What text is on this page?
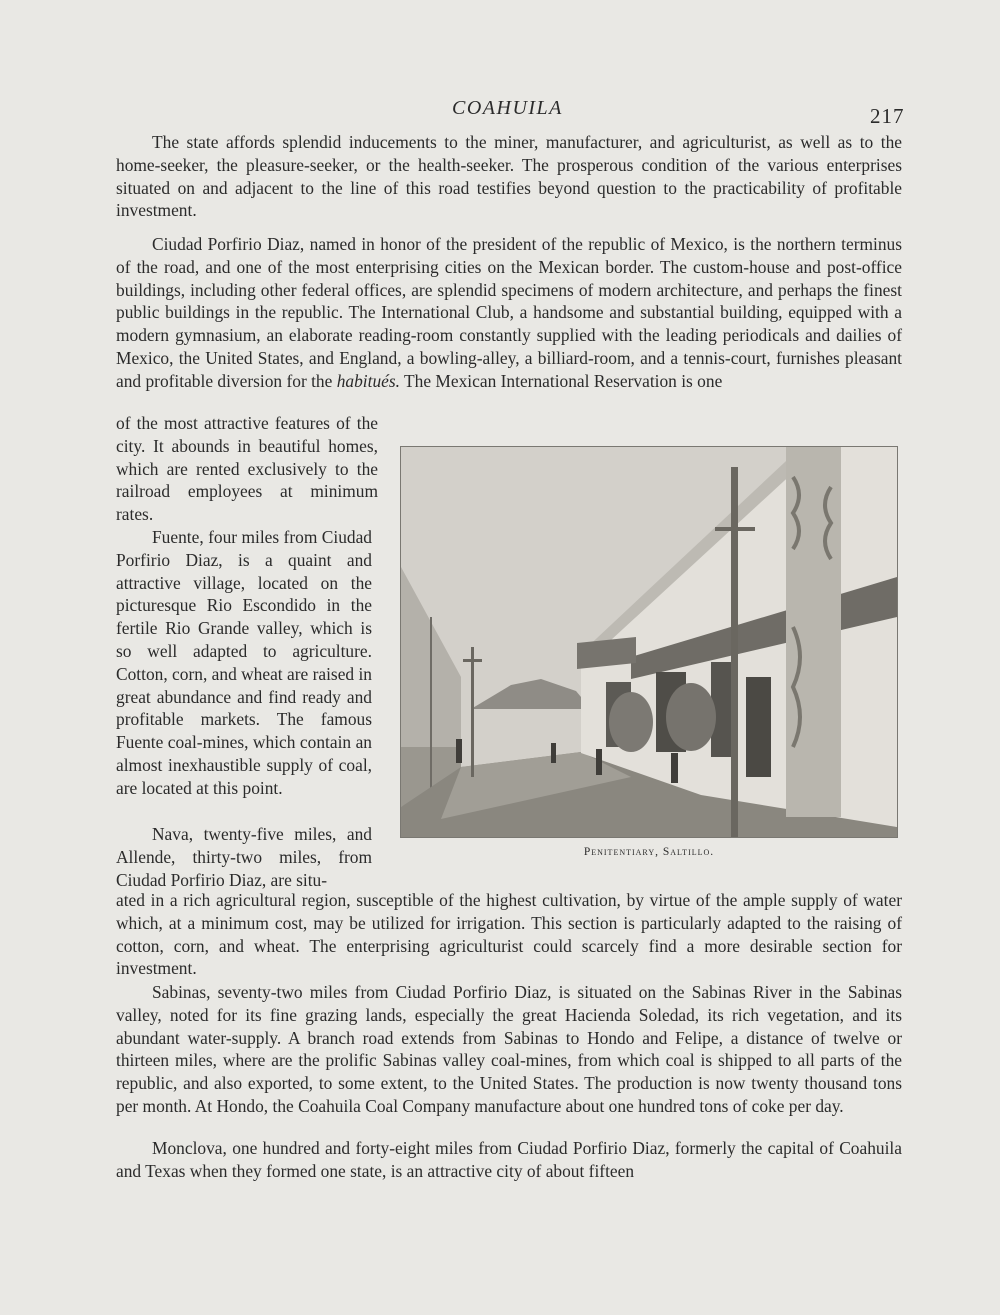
COAHUILA	217

The state affords splendid inducements to the miner, manufacturer, and agriculturist, as well as to the home-seeker, the pleasure-seeker, or the health-seeker. The prosperous condition of the various enterprises situated on and adjacent to the line of this road testifies beyond question to the practicability of profitable investment.

Ciudad Porfirio Diaz, named in honor of the president of the republic of Mexico, is the northern terminus of the road, and one of the most enterprising cities on the Mexican border. The custom-house and post-office buildings, including other federal offices, are splendid specimens of modern architecture, and perhaps the finest public buildings in the republic. The International Club, a handsome and substantial building, equipped with a modern gymnasium, an elaborate reading-room constantly supplied with the leading periodicals and dailies of Mexico, the United States, and England, a bowling-alley, a billiard-room, and a tennis-court, furnishes pleasant and profitable diversion for the habitués. The Mexican International Reservation is one

of the most attractive features of the city. It abounds in beautiful homes, which are rented exclusively to the railroad employees at minimum rates.

Fuente, four miles from Ciudad Porfirio Diaz, is a quaint and attractive village, located on the picturesque Rio Escondido in the fertile Rio Grande valley, which is so well adapted to agriculture. Cotton, corn, and wheat are raised in great abundance and find ready and profitable markets. The famous Fuente coal-mines, which contain an almost inexhaustible supply of coal, are located at this point.

Nava, twenty-five miles, and Allende, thirty-two miles, from Ciudad Porfirio Diaz, are situ-

ated in a rich agricultural region, susceptible of the highest cultivation, by virtue of the ample supply of water which, at a minimum cost, may be utilized for irrigation. This section is particularly adapted to the raising of cotton, corn, and wheat. The enterprising agriculturist could scarcely find a more desirable section for investment.

Sabinas, seventy-two miles from Ciudad Porfirio Diaz, is situated on the Sabinas River in the Sabinas valley, noted for its fine grazing lands, especially the great Hacienda Soledad, its rich vegetation, and its abundant water-supply. A branch road extends from Sabinas to Hondo and Felipe, a distance of twelve or thirteen miles, where are the prolific Sabinas valley coal-mines, from which coal is shipped to all parts of the republic, and also exported, to some extent, to the United States. The production is now twenty thousand tons per month. At Hondo, the Coahuila Coal Company manufacture about one hundred tons of coke per day.

Monclova, one hundred and forty-eight miles from Ciudad Porfirio Diaz, formerly the capital of Coahuila and Texas when they formed one state, is an attractive city of about fifteen

Penitentiary, Saltillo.
